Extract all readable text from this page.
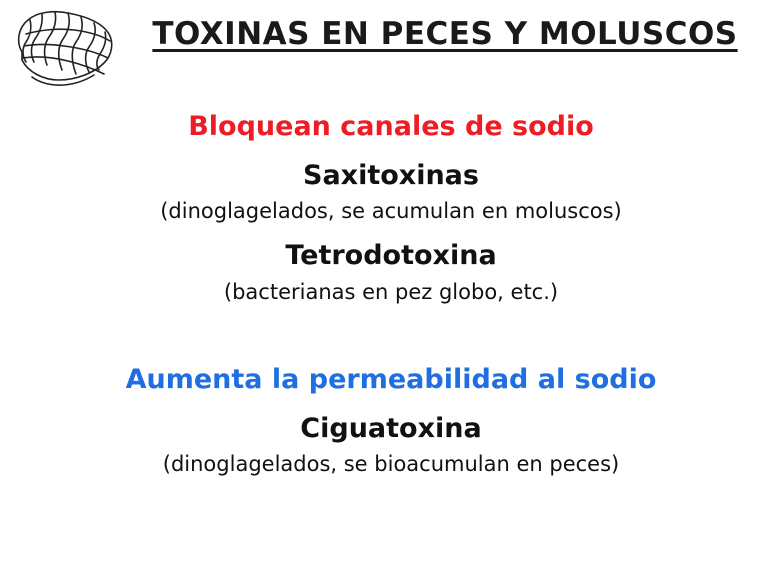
TOXINAS EN PECES Y MOLUSCOS
Bloquean canales de sodio
Saxitoxinas
(dinoglagelados, se acumulan en moluscos)
Tetrodotoxina
(bacterianas en pez globo, etc.)
Aumenta la permeabilidad al sodio
Ciguatoxina
(dinoglagelados, se bioacumulan en peces)
